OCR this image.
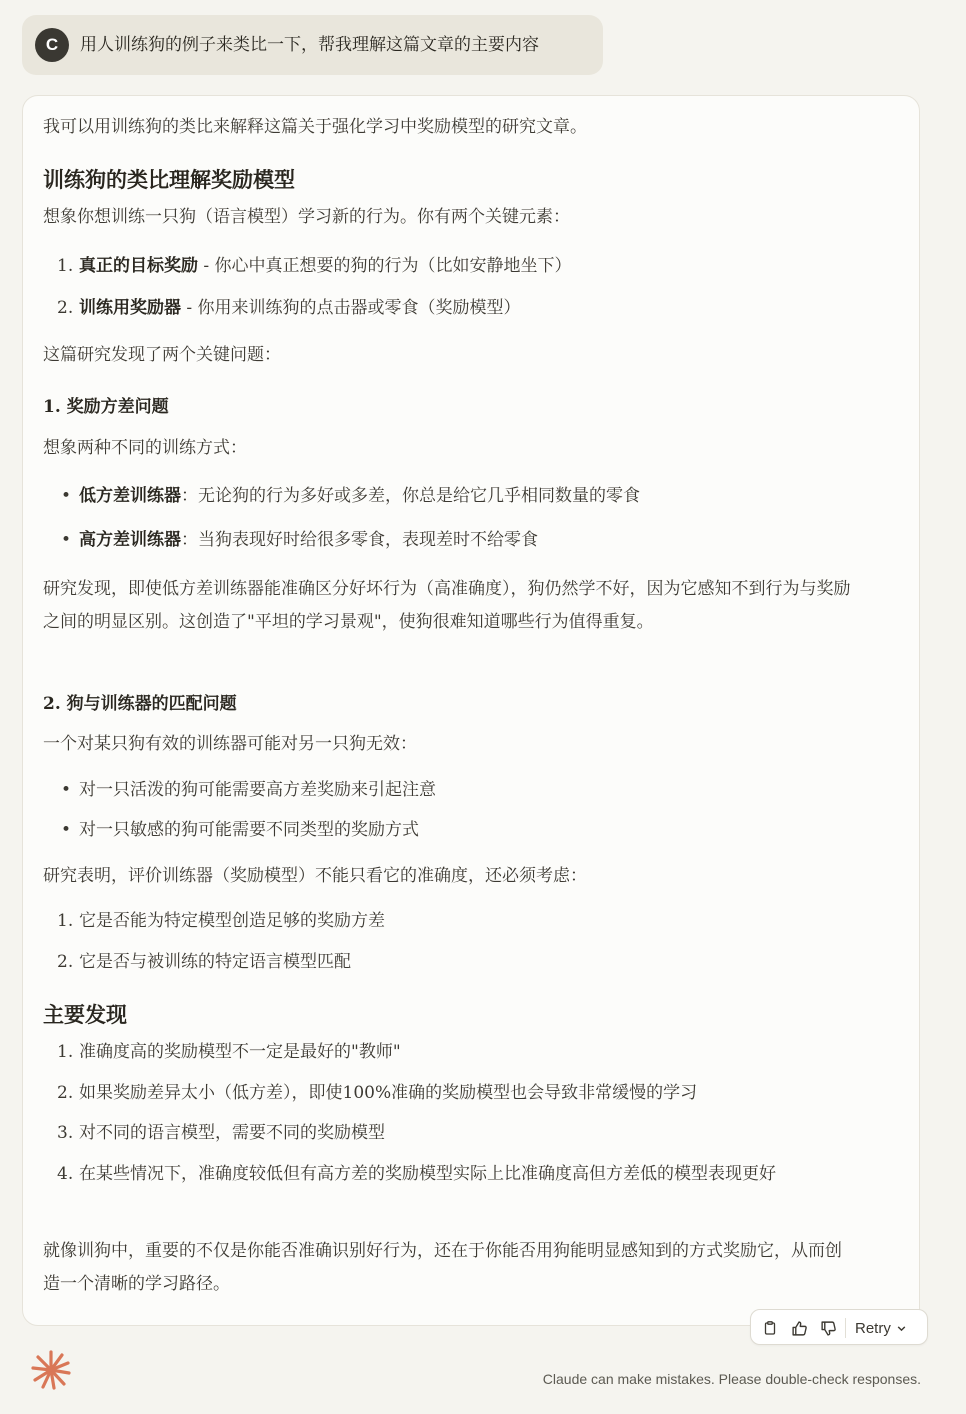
C	用人训练狗的例子来类比一下，帮我理解这篇文章的主要内容
我可以用训练狗的类比来解释这篇关于强化学习中奖励模型的研究文章。
训练狗的类比理解奖励模型
想象你想训练一只狗（语言模型）学习新的行为。你有两个关键元素：
1. 真正的目标奖励 - 你心中真正想要的狗的行为（比如安静地坐下）
2. 训练用奖励器 - 你用来训练狗的点击器或零食（奖励模型）
这篇研究发现了两个关键问题：
1. 奖励方差问题
想象两种不同的训练方式：
• 低方差训练器：无论狗的行为多好或多差，你总是给它几乎相同数量的零食
• 高方差训练器：当狗表现好时给很多零食，表现差时不给零食
研究发现，即使低方差训练器能准确区分好坏行为（高准确度），狗仍然学不好，因为它感知不到行为与奖励之间的明显区别。这创造了"平坦的学习景观"，使狗很难知道哪些行为值得重复。
2. 狗与训练器的匹配问题
一个对某只狗有效的训练器可能对另一只狗无效：
• 对一只活泼的狗可能需要高方差奖励来引起注意
• 对一只敏感的狗可能需要不同类型的奖励方式
研究表明，评价训练器（奖励模型）不能只看它的准确度，还必须考虑：
1. 它是否能为特定模型创造足够的奖励方差
2. 它是否与被训练的特定语言模型匹配
主要发现
1. 准确度高的奖励模型不一定是最好的"教师"
2. 如果奖励差异太小（低方差），即使100%准确的奖励模型也会导致非常缓慢的学习
3. 对不同的语言模型，需要不同的奖励模型
4. 在某些情况下，准确度较低但有高方差的奖励模型实际上比准确度高但方差低的模型表现更好
就像训狗中，重要的不仅是你能否准确识别好行为，还在于你能否用狗能明显感知到的方式奖励它，从而创造一个清晰的学习路径。
Retry
Claude can make mistakes. Please double-check responses.
